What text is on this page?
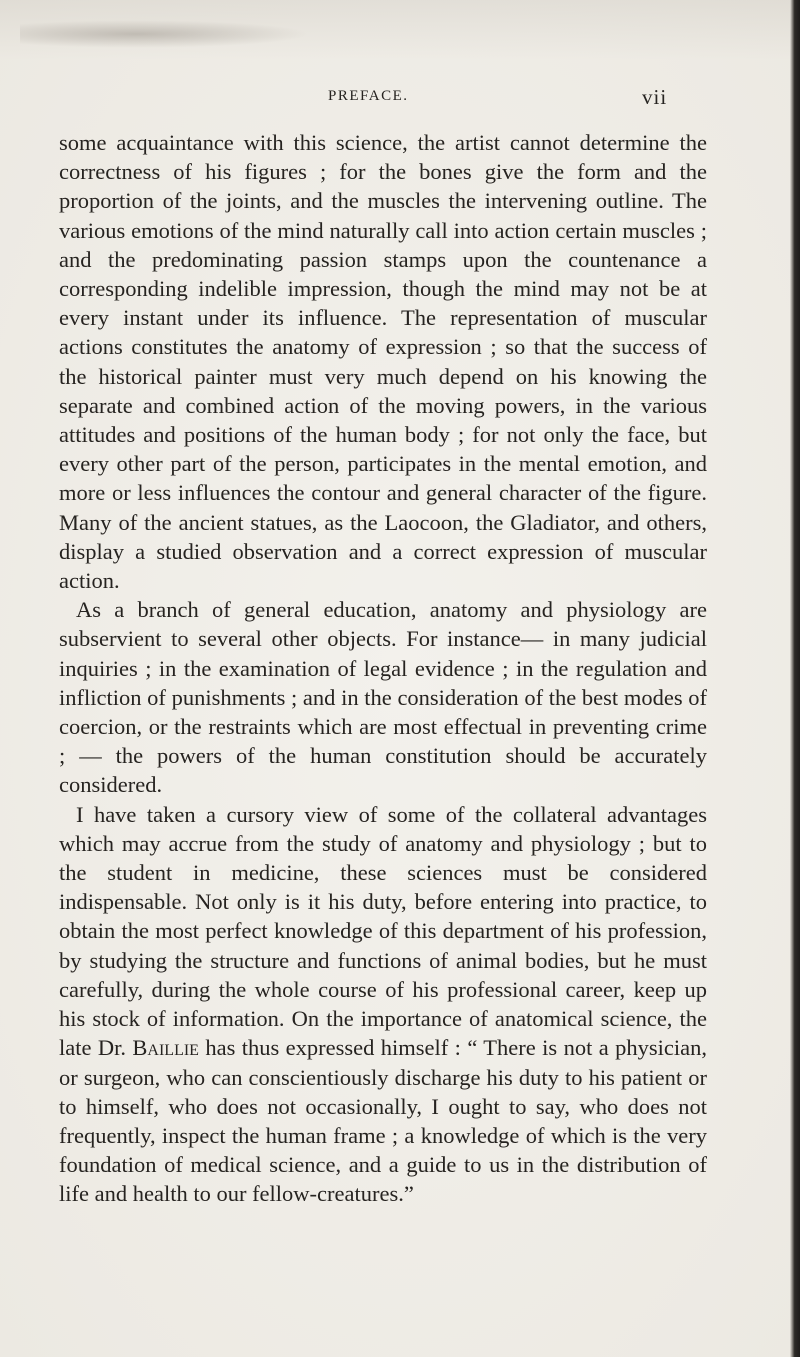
PREFACE.	vii

some acquaintance with this science, the artist cannot determine the correctness of his figures ; for the bones give the form and the proportion of the joints, and the muscles the intervening outline. The various emotions of the mind naturally call into action certain muscles ; and the predominating passion stamps upon the countenance a corresponding indelible impression, though the mind may not be at every instant under its influence. The representation of muscular actions constitutes the anatomy of expression ; so that the success of the historical painter must very much depend on his knowing the separate and combined action of the moving powers, in the various attitudes and positions of the human body ; for not only the face, but every other part of the person, participates in the mental emotion, and more or less influences the contour and general character of the figure. Many of the ancient statues, as the Laocoon, the Gladiator, and others, display a studied observation and a correct expression of muscular action.

As a branch of general education, anatomy and physiology are subservient to several other objects. For instance— in many judicial inquiries ; in the examination of legal evidence ; in the regulation and infliction of punishments ; and in the consideration of the best modes of coercion, or the restraints which are most effectual in preventing crime ; — the powers of the human constitution should be accurately considered.

I have taken a cursory view of some of the collateral advantages which may accrue from the study of anatomy and physiology ; but to the student in medicine, these sciences must be considered indispensable. Not only is it his duty, before entering into practice, to obtain the most perfect knowledge of this department of his profession, by studying the structure and functions of animal bodies, but he must carefully, during the whole course of his professional career, keep up his stock of information. On the importance of anatomical science, the late Dr. Baillie has thus expressed himself : “ There is not a physician, or surgeon, who can conscientiously discharge his duty to his patient or to himself, who does not occasionally, I ought to say, who does not frequently, inspect the human frame ; a knowledge of which is the very foundation of medical science, and a guide to us in the distribution of life and health to our fellow-creatures.”
